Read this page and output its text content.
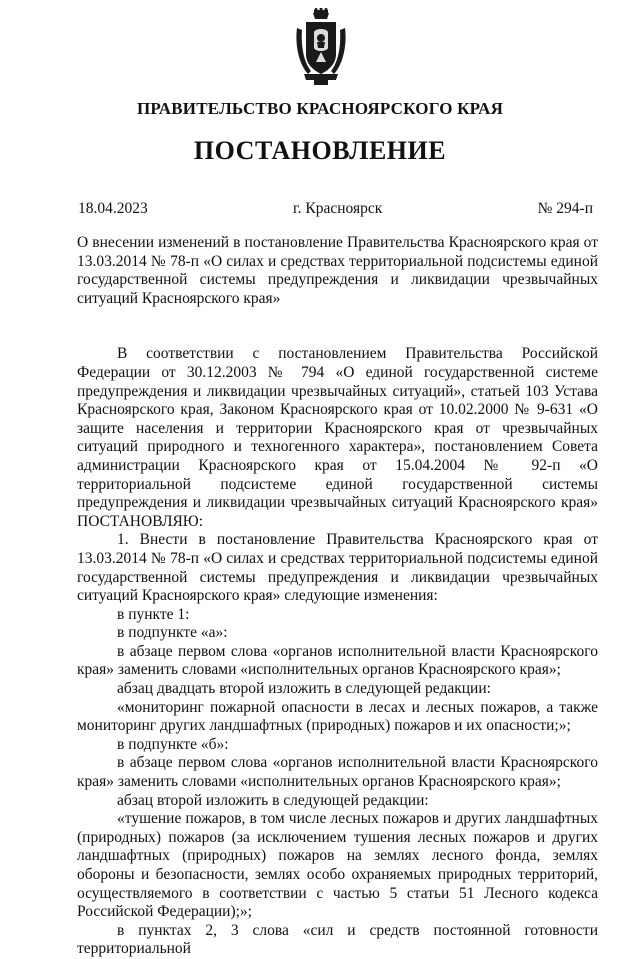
ПРАВИТЕЛЬСТВО КРАСНОЯРСКОГО КРАЯ
ПОСТАНОВЛЕНИЕ
18.04.2023	г. Красноярск	№ 294-п

О внесении изменений в постановление Правительства Красноярского края от 13.03.2014 № 78-п «О силах и средствах территориальной подсистемы единой государственной системы предупреждения и ликвидации чрезвычайных ситуаций Красноярского края»

В соответствии с постановлением Правительства Российской Федерации от 30.12.2003 № 794 «О единой государственной системе предупреждения и ликвидации чрезвычайных ситуаций», статьей 103 Устава Красноярского края, Законом Красноярского края от 10.02.2000 № 9-631 «О защите населения и территории Красноярского края от чрезвычайных ситуаций природного и техногенного характера», постановлением Совета администрации Красноярского края от 15.04.2004 № 92-п «О территориальной подсистеме единой государственной системы предупреждения и ликвидации чрезвычайных ситуаций Красноярского края» ПОСТАНОВЛЯЮ:

1. Внести в постановление Правительства Красноярского края от 13.03.2014 № 78-п «О силах и средствах территориальной подсистемы единой государственной системы предупреждения и ликвидации чрезвычайных ситуаций Красноярского края» следующие изменения:

в пункте 1:

в подпункте «а»:

в абзаце первом слова «органов исполнительной власти Красноярского края» заменить словами «исполнительных органов Красноярского края»;

абзац двадцать второй изложить в следующей редакции:

«мониторинг пожарной опасности в лесах и лесных пожаров, а также мониторинг других ландшафтных (природных) пожаров и их опасности;»;

в подпункте «б»:

в абзаце первом слова «органов исполнительной власти Красноярского края» заменить словами «исполнительных органов Красноярского края»;

абзац второй изложить в следующей редакции:

«тушение пожаров, в том числе лесных пожаров и других ландшафтных (природных) пожаров (за исключением тушения лесных пожаров и других ландшафтных (природных) пожаров на землях лесного фонда, землях обороны и безопасности, землях особо охраняемых природных территорий, осуществляемого в соответствии с частью 5 статьи 51 Лесного кодекса Российской Федерации);»;

в пунктах 2, 3 слова «сил и средств постоянной готовности территориальной
